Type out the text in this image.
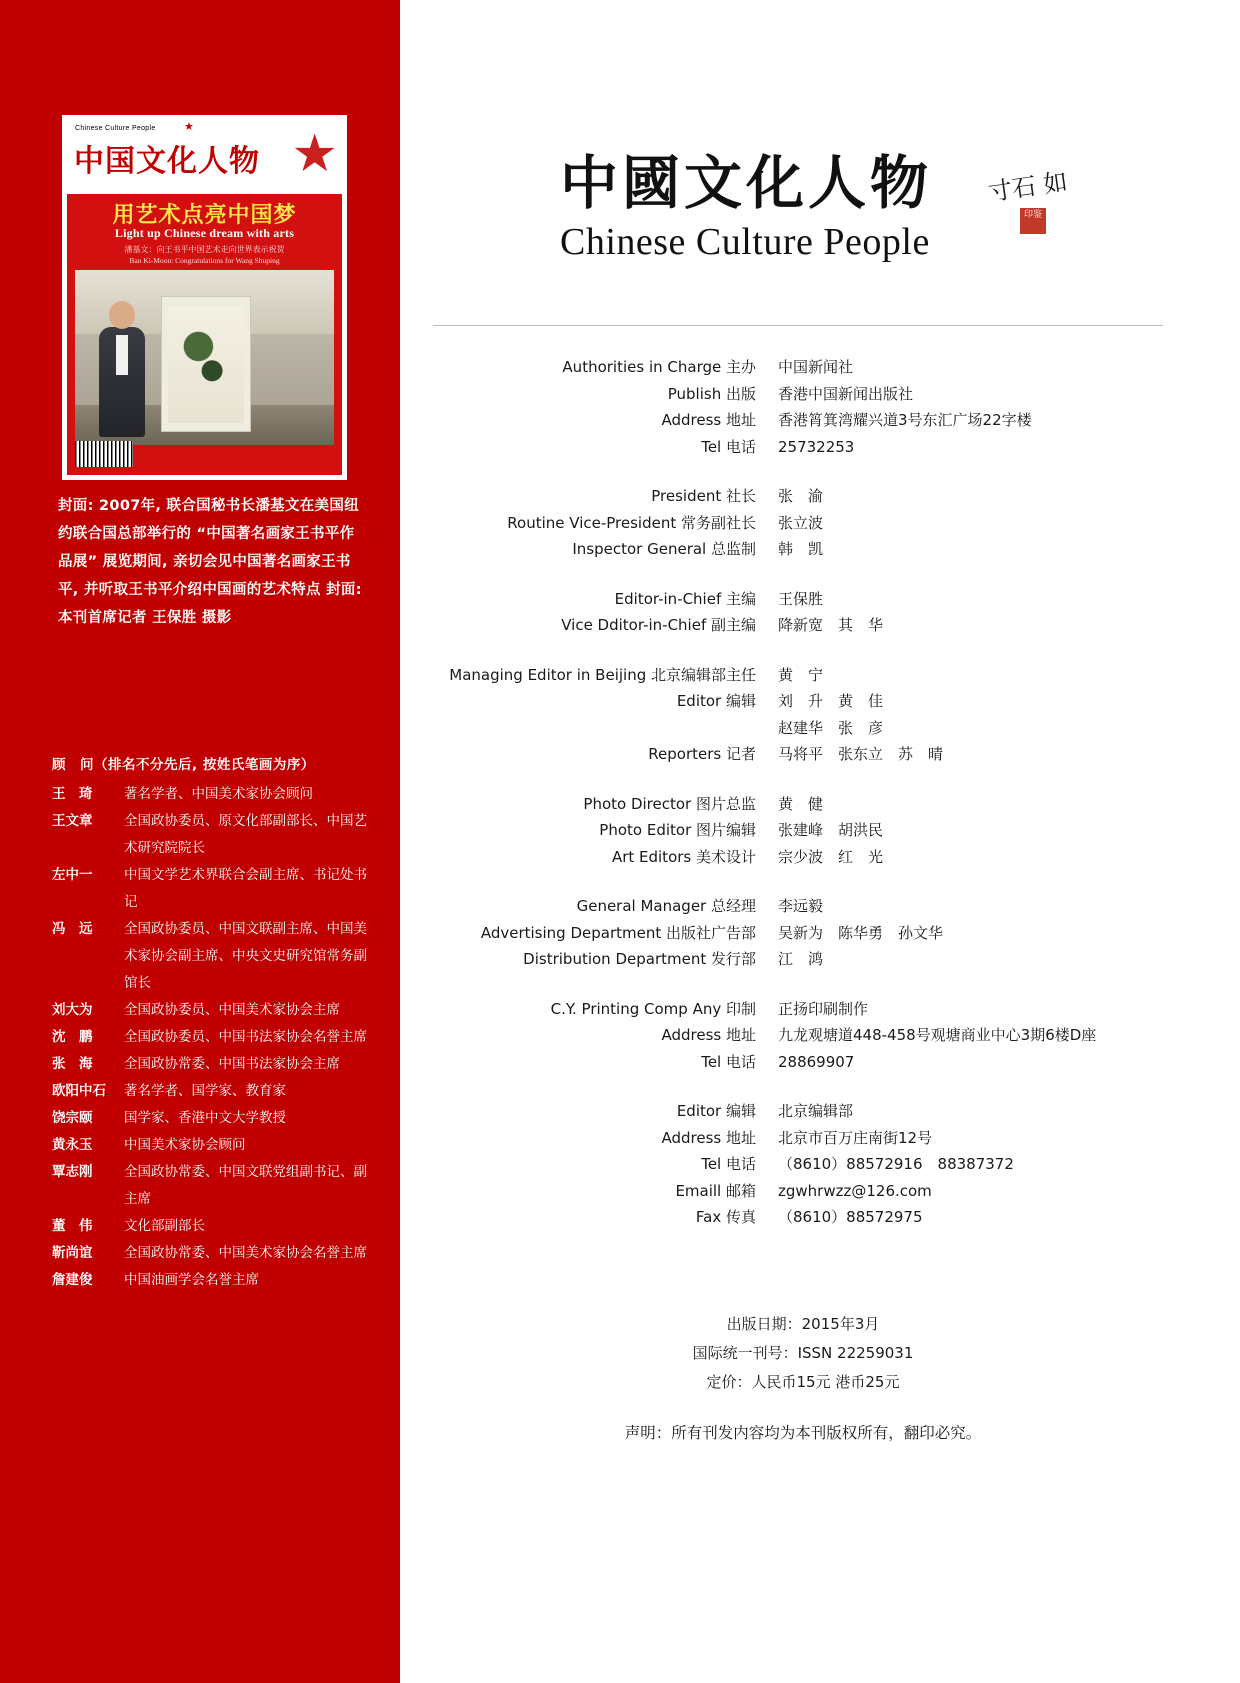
Chinese Culture People	★
中国文化人物 ★
用艺术点亮中国梦
Light up Chinese dream with arts
潘基文：向王书平中国艺术走向世界表示祝贺
Ban Ki-Moon: Congratulations for Wang Shuping
封面: 2007年, 联合国秘书长潘基文在美国纽约联合国总部举行的 “中国著名画家王书平作品展” 展览期间, 亲切会见中国著名画家王书平, 并听取王书平介绍中国画的艺术特点 封面: 本刊首席记者 王保胜 摄影
顾　问（排名不分先后, 按姓氏笔画为序）
王　琦	著名学者、中国美术家协会顾问
王文章	全国政协委员、原文化部副部长、中国艺术研究院院长
左中一	中国文学艺术界联合会副主席、书记处书记
冯　远	全国政协委员、中国文联副主席、中国美术家协会副主席、中央文史研究馆常务副馆长
刘大为	全国政协委员、中国美术家协会主席
沈　鹏	全国政协委员、中国书法家协会名誉主席
张　海	全国政协常委、中国书法家协会主席
欧阳中石	著名学者、国学家、教育家
饶宗颐	国学家、香港中文大学教授
黄永玉	中国美术家协会顾问
覃志刚	全国政协常委、中国文联党组副书记、副主席
董　伟	文化部副部长
靳尚谊	全国政协常委、中国美术家协会名誉主席
詹建俊	中国油画学会名誉主席
中國文化人物
Chinese Culture People
寸石 如
印鉴
Authorities in Charge 主办	中国新闻社
Publish 出版	香港中国新闻出版社
Address 地址	香港筲箕湾耀兴道3号东汇广场22字楼
Tel 电话	25732253
President 社长	张　渝
Routine Vice-President 常务副社长	张立波
Inspector General 总监制	韩　凯
Editor-in-Chief 主编	王保胜
Vice Dditor-in-Chief 副主编	降新宽　其　华
Managing Editor in Beijing 北京编辑部主任	黄　宁
Editor 编辑	刘　升　黄　佳
赵建华　张　彦
Reporters 记者	马将平　张东立　苏　晴
Photo Director 图片总监	黄　健
Photo Editor 图片编辑	张建峰　胡洪民
Art Editors 美术设计	宗少波　红　光
General Manager 总经理	李远毅
Advertising Department 出版社广告部	吴新为　陈华勇　孙文华
Distribution Department 发行部	江　鸿
C.Y. Printing Comp Any 印制	正扬印刷制作
Address 地址	九龙观塘道448-458号观塘商业中心3期6楼D座
Tel 电话	28869907
Editor 编辑	北京编辑部
Address 地址	北京市百万庄南街12号
Tel 电话	（8610）88572916　88387372
Emaill 邮箱	zgwhrwzz@126.com
Fax 传真	（8610）88572975
出版日期：2015年3月
国际统一刊号：ISSN 22259031
定价：人民币15元 港币25元
声明：所有刊发内容均为本刊版权所有，翻印必究。
